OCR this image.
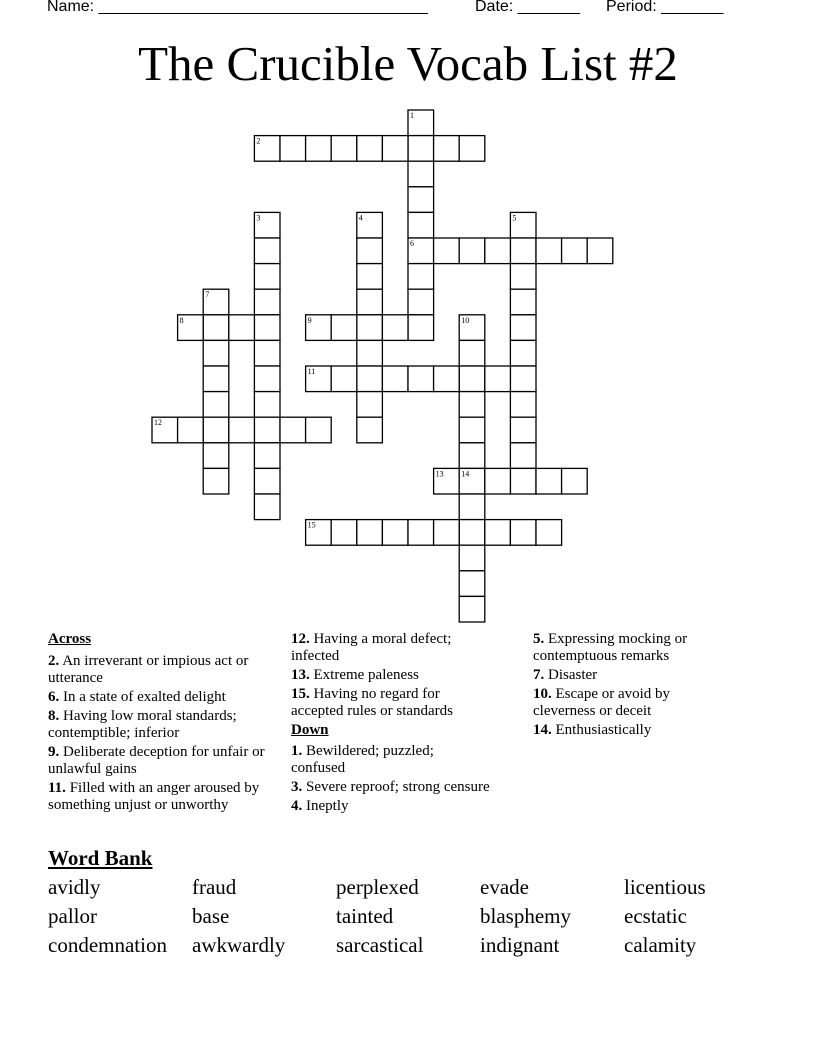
Name: _____________________________________

	Date: _______

Period: _______

The Crucible Vocab List #2
1
2
3	4	5
6
7
8	9	10
11
12
13 14
15
Across
2. An irreverant or impious act or utterance
6. In a state of exalted delight
8. Having low moral standards; contemptible; inferior
9. Deliberate deception for unfair or unlawful gains
11. Filled with an anger aroused by something unjust or unworthy
12. Having a moral defect; infected
13. Extreme paleness
15. Having no regard for accepted rules or standards
Down
1. Bewildered; puzzled; confused
3. Severe reproof; strong censure
4. Ineptly
5. Expressing mocking or contemptuous remarks
7. Disaster
10. Escape or avoid by cleverness or deceit
14. Enthusiastically
Word Bank
avidly	fraud	perplexed	evade	licentious
pallor	base	tainted	blasphemy	ecstatic
condemnation	awkwardly	sarcastical	indignant	calamity
